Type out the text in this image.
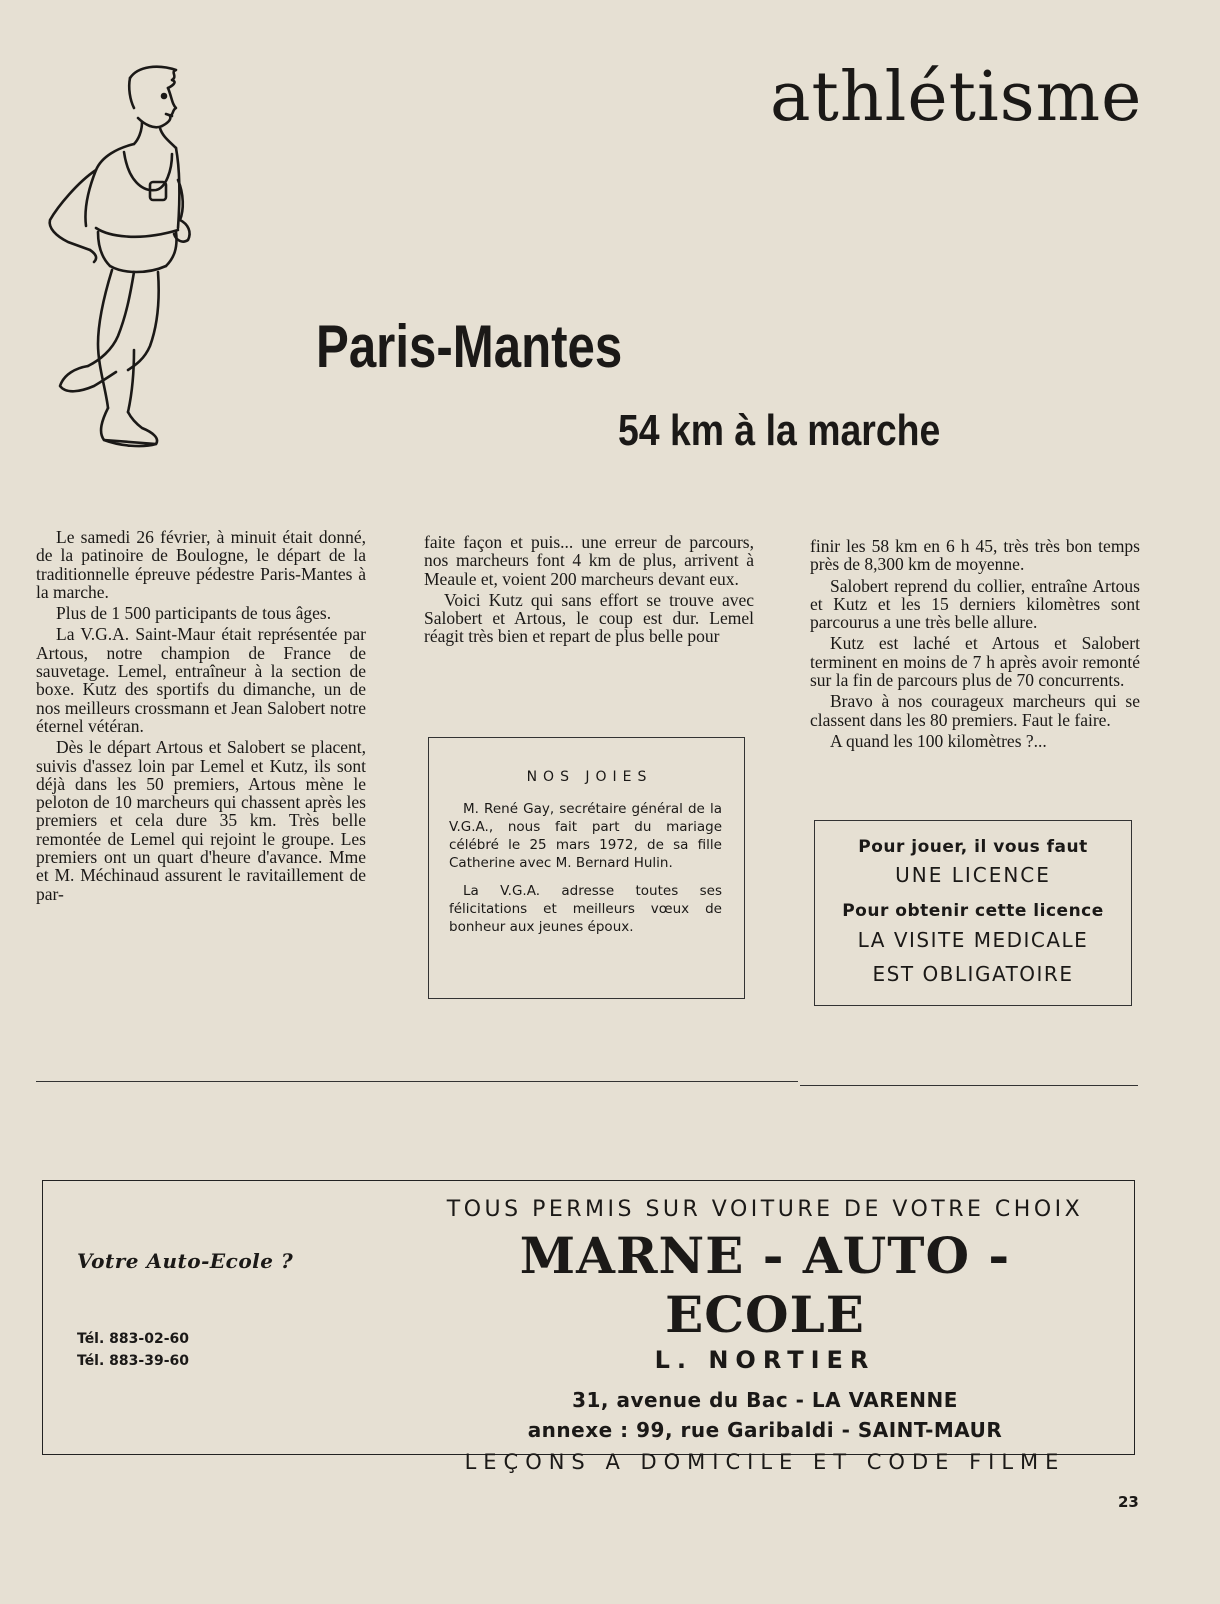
athlétisme
Paris-Mantes
54 km à la marche

Le samedi 26 février, à minuit était donné, de la patinoire de Boulogne, le départ de la traditionnelle épreuve pédestre Paris-Mantes à la marche.

Plus de 1 500 participants de tous âges.

La V.G.A. Saint-Maur était représentée par Artous, notre champion de France de sauvetage. Lemel, entraîneur à la section de boxe. Kutz des sportifs du dimanche, un de nos meilleurs crossmann et Jean Salobert notre éternel vétéran.

Dès le départ Artous et Salobert se placent, suivis d'assez loin par Lemel et Kutz, ils sont déjà dans les 50 premiers, Artous mène le peloton de 10 marcheurs qui chassent après les premiers et cela dure 35 km. Très belle remontée de Lemel qui rejoint le groupe. Les premiers ont un quart d'heure d'avance. Mme et M. Méchinaud assurent le ravitaillement de par-

faite façon et puis... une erreur de parcours, nos marcheurs font 4 km de plus, arrivent à Meaule et, voient 200 marcheurs devant eux.

Voici Kutz qui sans effort se trouve avec Salobert et Artous, le coup est dur. Lemel réagit très bien et repart de plus belle pour

finir les 58 km en 6 h 45, très très bon temps près de 8,300 km de moyenne.

Salobert reprend du collier, entraîne Artous et Kutz et les 15 derniers kilomètres sont parcourus a une très belle allure.

Kutz est laché et Artous et Salobert terminent en moins de 7 h après avoir remonté sur la fin de parcours plus de 70 concurrents.

Bravo à nos courageux marcheurs qui se classent dans les 80 premiers. Faut le faire.

A quand les 100 kilomètres ?...

NOS JOIES

M. René Gay, secrétaire général de la V.G.A., nous fait part du mariage célébré le 25 mars 1972, de sa fille Catherine avec M. Bernard Hulin.

La V.G.A. adresse toutes ses félicitations et meilleurs vœux de bonheur aux jeunes époux.

Pour jouer, il vous faut

UNE LICENCE

Pour obtenir cette licence

LA VISITE MEDICALE

EST OBLIGATOIRE

Votre Auto-Ecole ?
Tél. 883-02-60
Tél. 883-39-60

TOUS PERMIS SUR VOITURE DE VOTRE CHOIX

MARNE - AUTO - ECOLE

L. NORTIER

31, avenue du Bac - LA VARENNE

annexe : 99, rue Garibaldi - SAINT-MAUR

LEÇONS A DOMICILE ET CODE FILME

23
